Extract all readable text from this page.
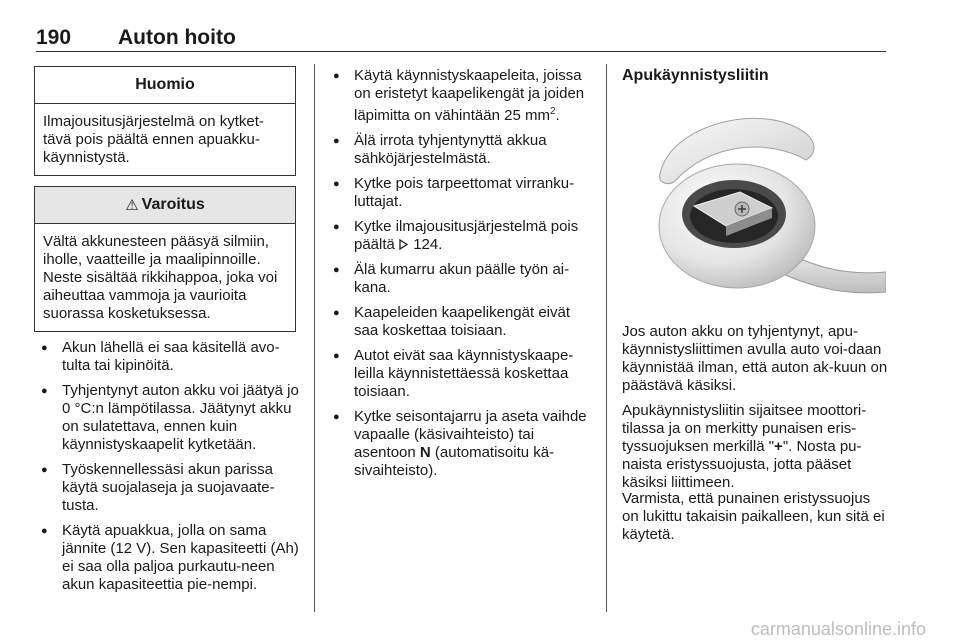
190 Auton hoito
Huomio
Ilmajousitusjärjestelmä on kytket-tävä pois päältä ennen apuakku-käynnistystä.
⚠ Varoitus
Vältä akkunesteen pääsyä silmiin, iholle, vaatteille ja maalipinnoille. Neste sisältää rikkihappoa, joka voi aiheuttaa vammoja ja vaurioita suorassa kosketuksessa.
● Akun lähellä ei saa käsitellä avo-tulta tai kipinöitä.
● Tyhjentynyt auton akku voi jäätyä jo 0 °C:n lämpötilassa. Jäätynyt akku on sulatettava, ennen kuin käynnistyskaapelit kytketään.
● Työskennellessäsi akun parissa käytä suojalaseja ja suojavaate-tusta.
● Käytä apuakkua, jolla on sama jännite (12 V). Sen kapasiteetti (Ah) ei saa olla paljoa purkautu-neen akun kapasiteettia pie-nempi.
● Käytä käynnistyskaapeleita, joissa on eristetyt kaapelikengät ja joiden läpimitta on vähintään 25 $mm^2$.
● Älä irrota tyhjentynyttä akkua sähköjärjestelmästä.
● Kytke pois tarpeettomat virranku-luttajat.
● Kytke ilmajousitusjärjestelmä pois päältä  124.
● Älä kumarru akun päälle työn ai-kana.
● Kaapeleiden kaapelikengät eivät saa koskettaa toisiaan.
● Autot eivät saa käynnistyskaape-leilla käynnistettäessä koskettaa toisiaan.
● Kytke seisontajarru ja aseta vaihde vapaalle (käsivaihteisto) tai asentoon N (automatisoitu kä-sivaihteisto).
Apukäynnistysliitin

Jos auton akku on tyhjentynyt, apu-käynnistysliittimen avulla auto voi-daan käynnistää ilman, että auton ak-kuun on päästävä käsiksi.

Apukäynnistysliitin sijaitsee moottori-tilassa ja on merkitty punaisen eris-tyssuojuksen merkillä "+". Nosta pu-naista eristyssuojusta, jotta pääset käsiksi liittimeen.

Varmista, että punainen eristyssuojus on lukittu takaisin paikalleen, kun sitä ei käytetä.

carmanualsonline.info
